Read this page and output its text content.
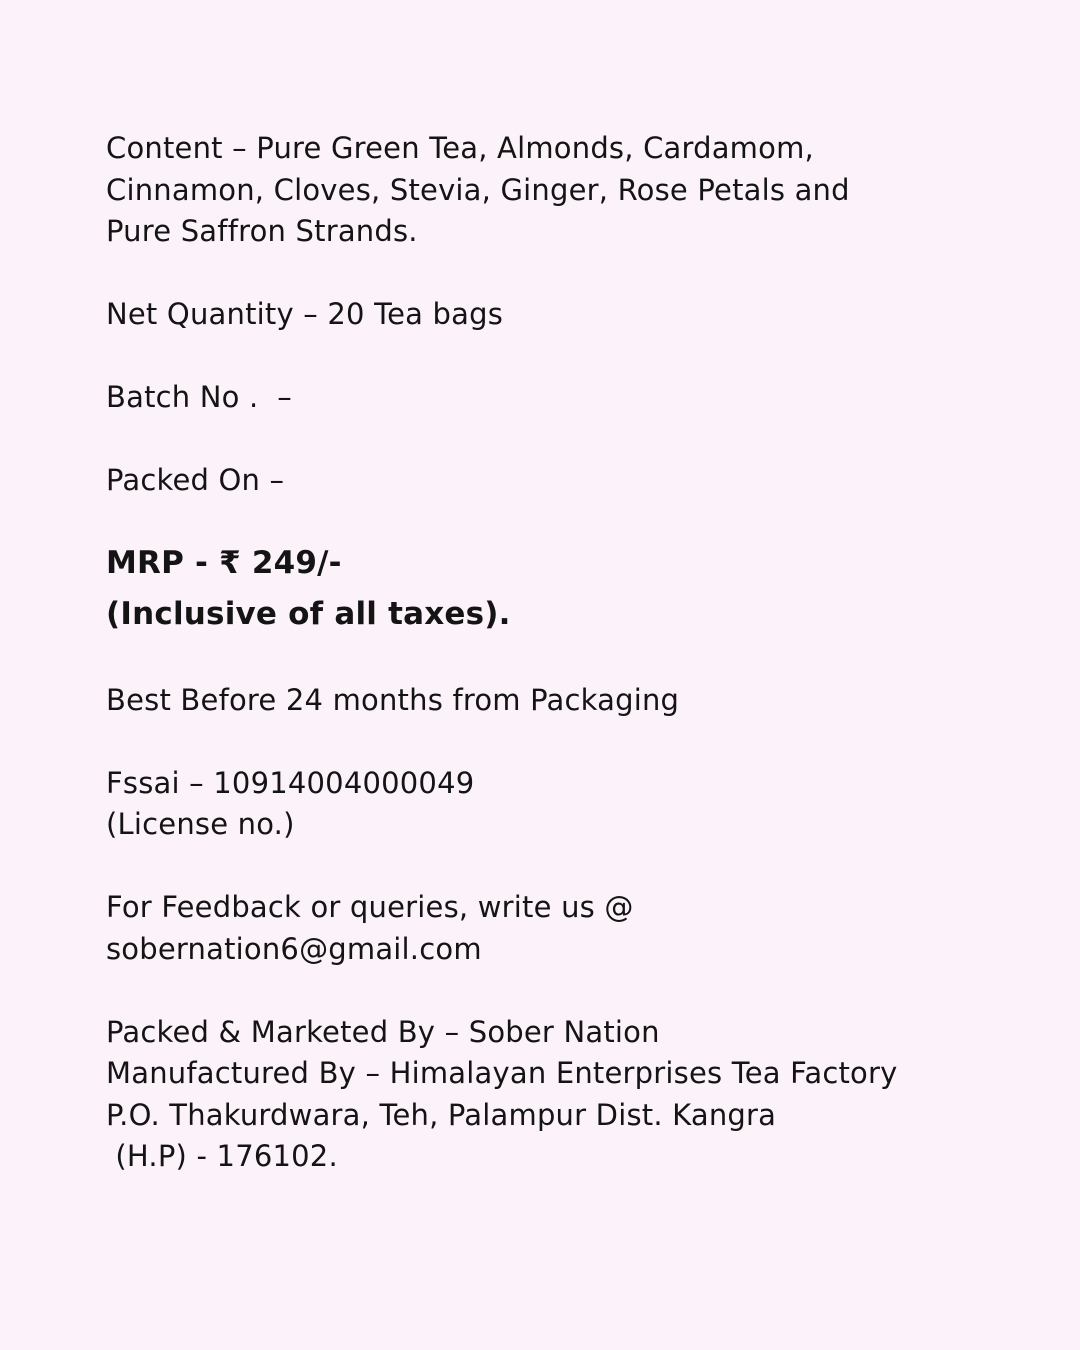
Content – Pure Green Tea, Almonds, Cardamom,
Cinnamon, Cloves, Stevia, Ginger, Rose Petals and
Pure Saffron Strands.
Net Quantity – 20 Tea bags
Batch No .  –
Packed On –
MRP - ₹ 249/-
(Inclusive of all taxes).
Best Before 24 months from Packaging
Fssai – 10914004000049
(License no.)
For Feedback or queries, write us @
sobernation6@gmail.com
Packed & Marketed By – Sober Nation
Manufactured By – Himalayan Enterprises Tea Factory
P.O. Thakurdwara, Teh, Palampur Dist. Kangra
(H.P) - 176102.
